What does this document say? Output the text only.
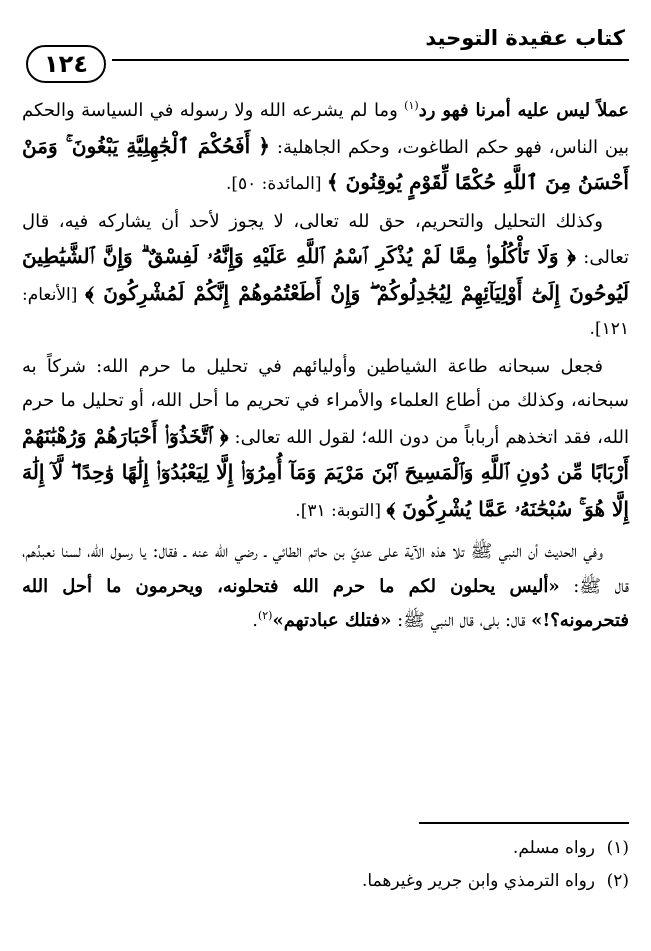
كتاب عقيدة التوحيد
١٢٤

عملاً ليس عليه أمرنا فهو رد$^{(١)}$ وما لم يشرعه الله ولا رسوله في السياسة والحكم بين الناس، فهو حكم الطاغوت، وحكم الجاهلية: ﴿ أَفَحُكْمَ ٱلْجَٰهِلِيَّةِ يَبْغُونَ ۚ وَمَنْ أَحْسَنُ مِنَ ٱللَّهِ حُكْمًا لِّقَوْمٍ يُوقِنُونَ ﴾ [المائدة: ٥٠].

وكذلك التحليل والتحريم، حق لله تعالى، لا يجوز لأحد أن يشاركه فيه، قال تعالى: ﴿ وَلَا تَأْكُلُوا۟ مِمَّا لَمْ يُذْكَرِ ٱسْمُ ٱللَّهِ عَلَيْهِ وَإِنَّهُۥ لَفِسْقٌ ۗ وَإِنَّ ٱلشَّيَٰطِينَ لَيُوحُونَ إِلَىٰٓ أَوْلِيَآئِهِمْ لِيُجَٰدِلُوكُمْ ۖ وَإِنْ أَطَعْتُمُوهُمْ إِنَّكُمْ لَمُشْرِكُونَ ﴾ [الأنعام: ١٢١].

فجعل سبحانه طاعة الشياطين وأوليائهم في تحليل ما حرم الله: شركاً به سبحانه، وكذلك من أطاع العلماء والأمراء في تحريم ما أحل الله، أو تحليل ما حرم الله، فقد اتخذهم أرباباً من دون الله؛ لقول الله تعالى: ﴿ ٱتَّخَذُوٓا۟ أَحْبَارَهُمْ وَرُهْبَٰنَهُمْ أَرْبَابًا مِّن دُونِ ٱللَّهِ وَٱلْمَسِيحَ ٱبْنَ مَرْيَمَ وَمَآ أُمِرُوٓا۟ إِلَّا لِيَعْبُدُوٓا۟ إِلَٰهًا وَٰحِدًا ۖ لَّآ إِلَٰهَ إِلَّا هُوَ ۚ سُبْحَٰنَهُۥ عَمَّا يُشْرِكُونَ ﴾ [التوبة: ٣١].

وفي الحديث أن النبي ﷺ تلا هذه الآية على عديّ بن حاتم الطائي ـ رضي الله عنه ـ فقال: يا رسول الله، لسنا نعبدُهم، قال ﷺ: «أليس يحلون لكم ما حرم الله فتحلونه، ويحرمون ما أحل الله فتحرمونه؟!» قال: بلى، قال النبي ﷺ: «فتلك عبادتهم»$^{(٢)}$.

(١)رواه مسلم.

(٢)رواه الترمذي وابن جرير وغيرهما.
